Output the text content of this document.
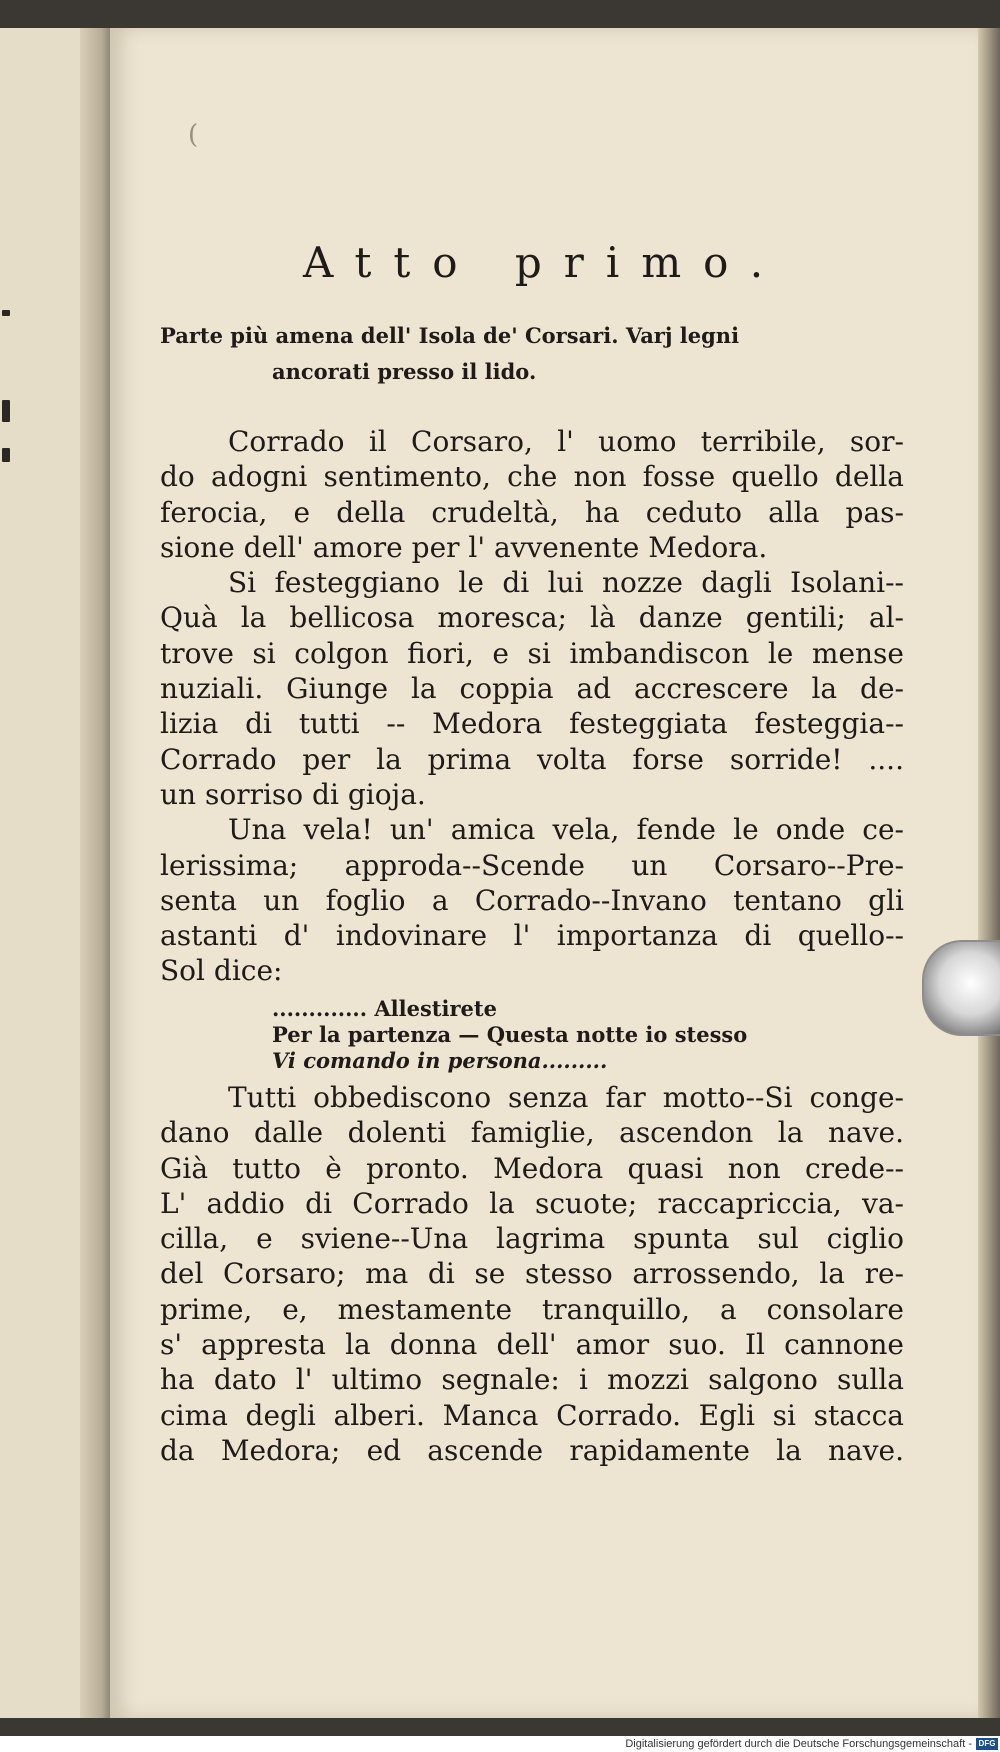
(
Atto primo.
Parte più amena dell' Isola de' Corsari. Varj legni
ancorati presso il lido.
Corrado il Corsaro, l' uomo terribile, sor-
do adogni sentimento, che non fosse quello della
ferocia, e della crudeltà, ha ceduto alla pas-
sione dell' amore per l' avvenente Medora.
Si festeggiano le di lui nozze dagli Isolani--
Quà la bellicosa moresca; là danze gentili; al-
trove si colgon fiori, e si imbandiscon le mense
nuziali. Giunge la coppia ad accrescere la de-
lizia di tutti -- Medora festeggiata festeggia--
Corrado per la prima volta forse sorride! ....
un sorriso di gioja.
Una vela! un' amica vela, fende le onde ce-
lerissima; approda--Scende un Corsaro--Pre-
senta un foglio a Corrado--Invano tentano gli
astanti d' indovinare l' importanza di quello--
Sol dice:
............. Allestirete
Per la partenza — Questa notte io stesso
Vi comando in persona.........
Tutti obbediscono senza far motto--Si conge-
dano dalle dolenti famiglie, ascendon la nave.
Già tutto è pronto. Medora quasi non crede--
L' addio di Corrado la scuote; raccapriccia, va-
cilla, e sviene--Una lagrima spunta sul ciglio
del Corsaro; ma di se stesso arrossendo, la re-
prime, e, mestamente tranquillo, a consolare
s' appresta la donna dell' amor suo. Il cannone
ha dato l' ultimo segnale: i mozzi salgono sulla
cima degli alberi. Manca Corrado. Egli si stacca
da Medora; ed ascende rapidamente la nave.
Digitalisierung gefördert durch die Deutsche Forschungsgemeinschaft - DFG
